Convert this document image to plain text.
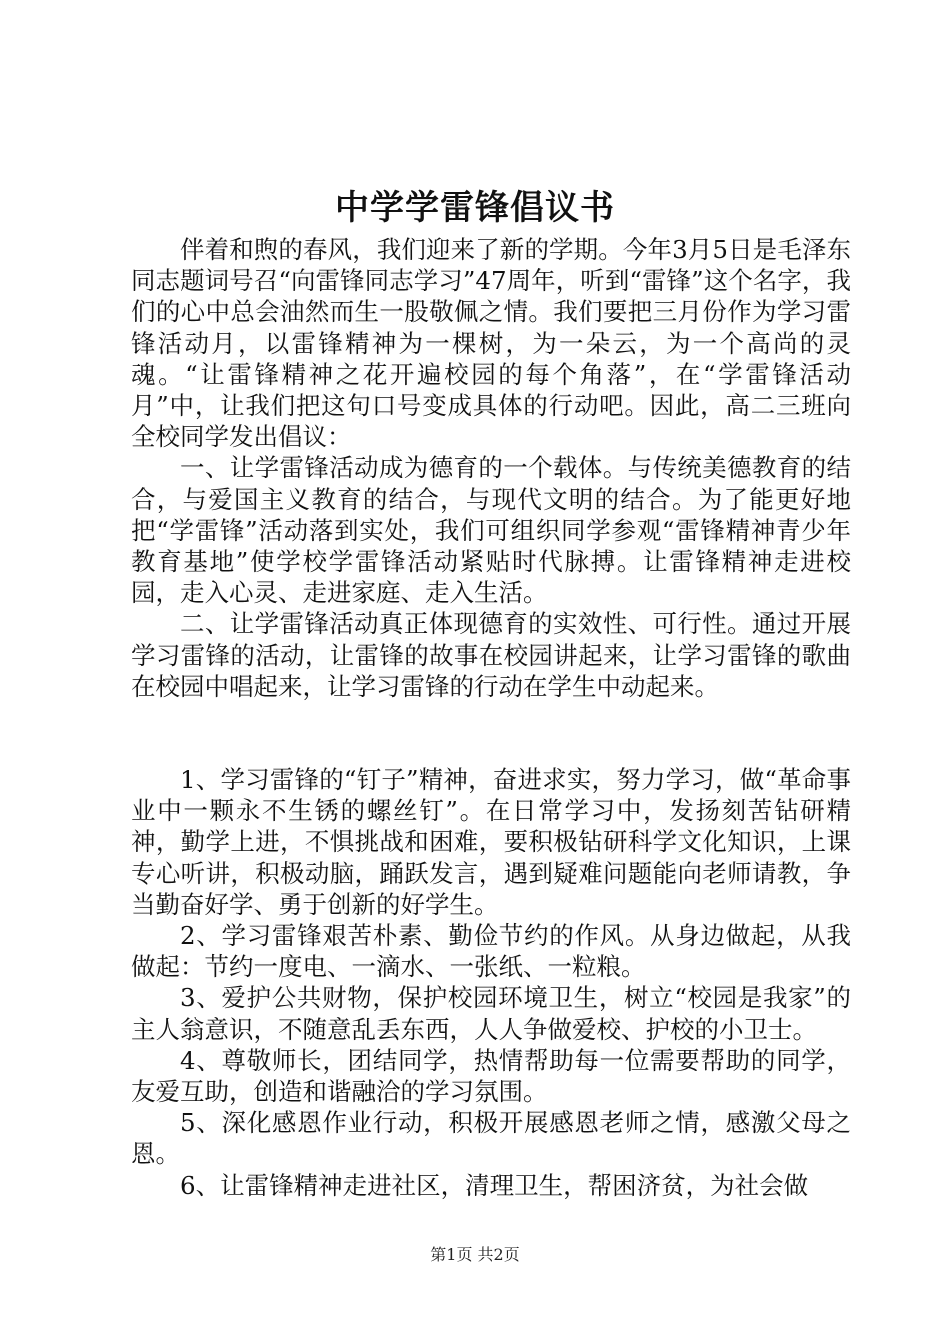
中学学雷锋倡议书

伴着和煦的春风，我们迎来了新的学期。今年3月5日是毛泽东同志题词号召“向雷锋同志学习”47周年，听到“雷锋”这个名字，我们的心中总会油然而生一股敬佩之情。我们要把三月份作为学习雷锋活动月，以雷锋精神为一棵树，为一朵云，为一个高尚的灵魂。“让雷锋精神之花开遍校园的每个角落”，在“学雷锋活动月”中，让我们把这句口号变成具体的行动吧。因此，高二三班向全校同学发出倡议：

一、让学雷锋活动成为德育的一个载体。与传统美德教育的结合，与爱国主义教育的结合，与现代文明的结合。为了能更好地把“学雷锋”活动落到实处，我们可组织同学参观“雷锋精神青少年教育基地”使学校学雷锋活动紧贴时代脉搏。让雷锋精神走进校园，走入心灵、走进家庭、走入生活。

二、让学雷锋活动真正体现德育的实效性、可行性。通过开展学习雷锋的活动，让雷锋的故事在校园讲起来，让学习雷锋的歌曲在校园中唱起来，让学习雷锋的行动在学生中动起来。

1、学习雷锋的“钉子”精神，奋进求实，努力学习，做“革命事业中一颗永不生锈的螺丝钉”。在日常学习中，发扬刻苦钻研精神，勤学上进，不惧挑战和困难，要积极钻研科学文化知识，上课专心听讲，积极动脑，踊跃发言，遇到疑难问题能向老师请教，争当勤奋好学、勇于创新的好学生。

2、学习雷锋艰苦朴素、勤俭节约的作风。从身边做起，从我做起：节约一度电、一滴水、一张纸、一粒粮。

3、爱护公共财物，保护校园环境卫生，树立“校园是我家”的主人翁意识，不随意乱丢东西，人人争做爱校、护校的小卫士。

4、尊敬师长，团结同学，热情帮助每一位需要帮助的同学，友爱互助，创造和谐融洽的学习氛围。

5、深化感恩作业行动，积极开展感恩老师之情，感激父母之恩。

6、让雷锋精神走进社区，清理卫生，帮困济贫，为社会做

第1页 共2页
